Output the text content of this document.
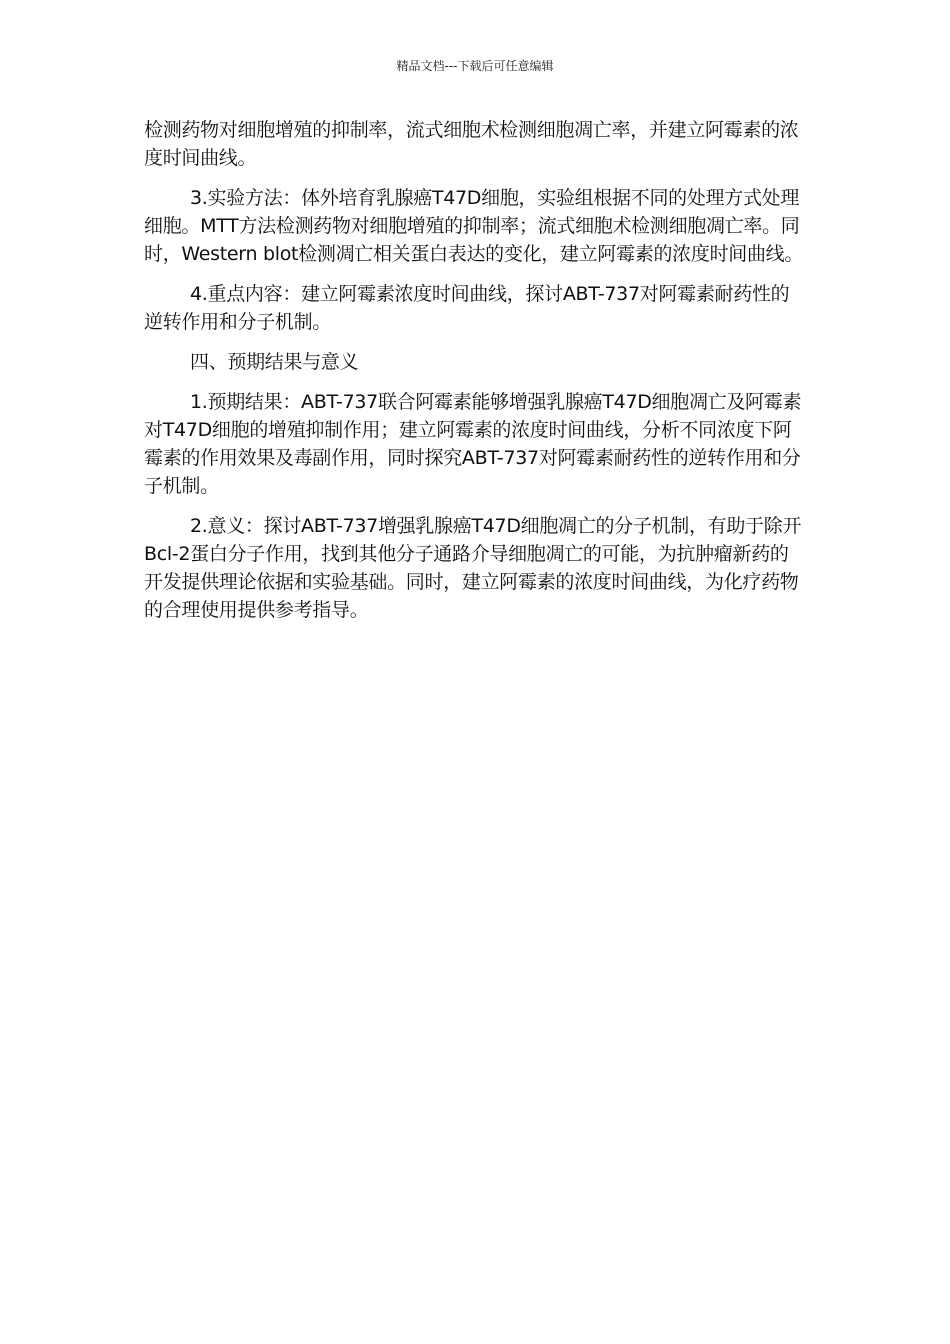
精品文档---下载后可任意编辑

检测药物对细胞增殖的抑制率，流式细胞术检测细胞凋亡率，并建立阿霉素的浓度时间曲线。

3.实验方法：体外培育乳腺癌T47D细胞，实验组根据不同的处理方式处理细胞。MTT方法检测药物对细胞增殖的抑制率；流式细胞术检测细胞凋亡率。同时，Western blot检测凋亡相关蛋白表达的变化，建立阿霉素的浓度时间曲线。

4.重点内容：建立阿霉素浓度时间曲线，探讨ABT-737对阿霉素耐药性的逆转作用和分子机制。

四、预期结果与意义

1.预期结果：ABT-737联合阿霉素能够增强乳腺癌T47D细胞凋亡及阿霉素对T47D细胞的增殖抑制作用；建立阿霉素的浓度时间曲线，分析不同浓度下阿霉素的作用效果及毒副作用，同时探究ABT-737对阿霉素耐药性的逆转作用和分子机制。

2.意义：探讨ABT-737增强乳腺癌T47D细胞凋亡的分子机制，有助于除开Bcl-2蛋白分子作用，找到其他分子通路介导细胞凋亡的可能，为抗肿瘤新药的开发提供理论依据和实验基础。同时，建立阿霉素的浓度时间曲线，为化疗药物的合理使用提供参考指导。
